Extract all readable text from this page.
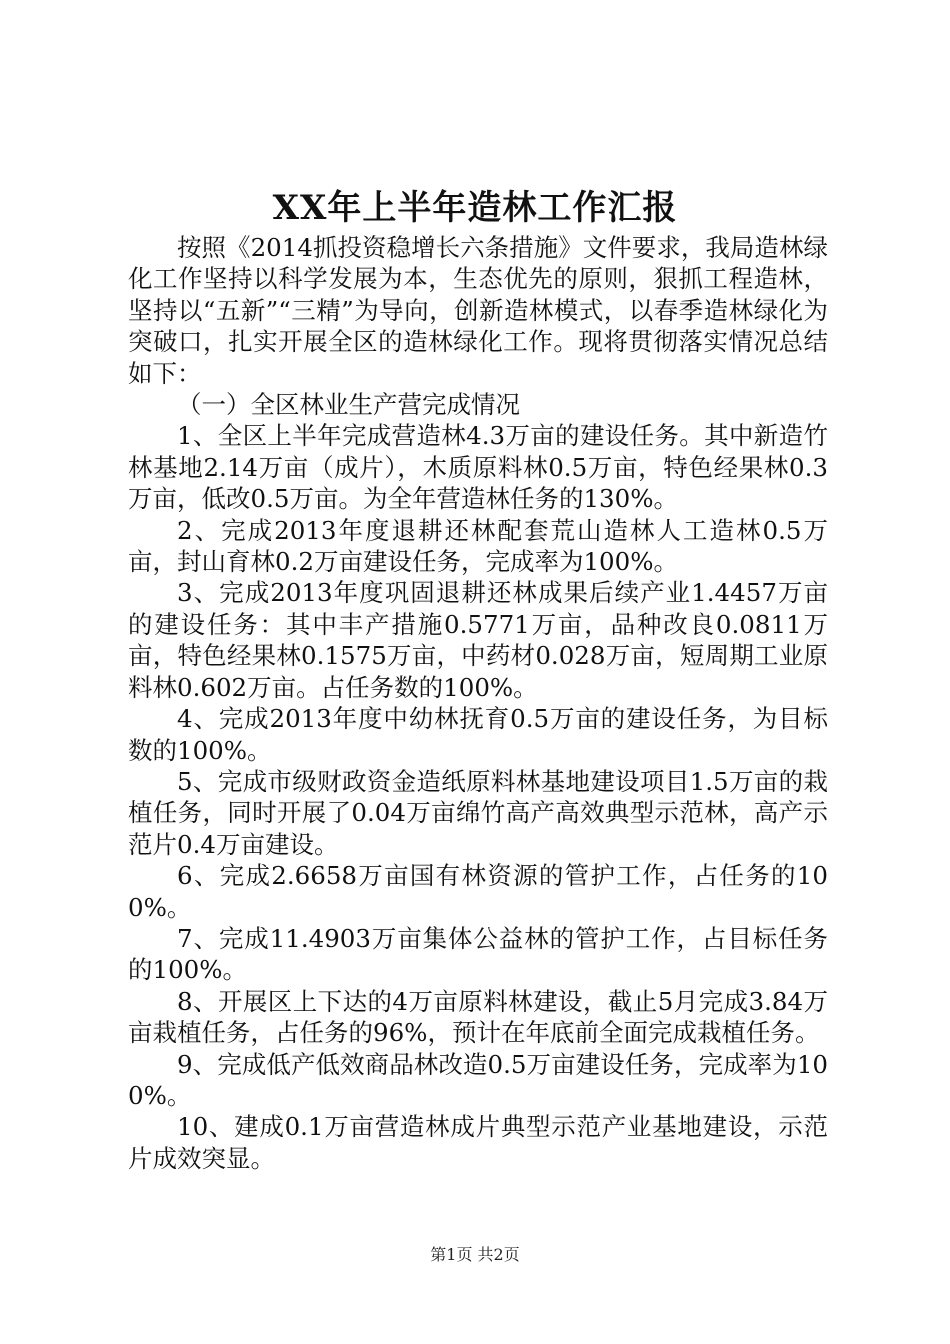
XX年上半年造林工作汇报

按照《2014抓投资稳增长六条措施》文件要求，我局造林绿化工作坚持以科学发展为本，生态优先的原则，狠抓工程造林，坚持以“五新”“三精”为导向，创新造林模式，以春季造林绿化为突破口，扎实开展全区的造林绿化工作。现将贯彻落实情况总结如下：

（一）全区林业生产营完成情况

1、全区上半年完成营造林4.3万亩的建设任务。其中新造竹林基地2.14万亩（成片），木质原料林0.5万亩，特色经果林0.3万亩，低改0.5万亩。为全年营造林任务的130%。

2、完成2013年度退耕还林配套荒山造林人工造林0.5万亩，封山育林0.2万亩建设任务，完成率为100%。

3、完成2013年度巩固退耕还林成果后续产业1.4457万亩的建设任务：其中丰产措施0.5771万亩，品种改良0.0811万亩，特色经果林0.1575万亩，中药材0.028万亩，短周期工业原料林0.602万亩。占任务数的100%。

4、完成2013年度中幼林抚育0.5万亩的建设任务，为目标数的100%。

5、完成市级财政资金造纸原料林基地建设项目1.5万亩的栽植任务，同时开展了0.04万亩绵竹高产高效典型示范林，高产示范片0.4万亩建设。

6、完成2.6658万亩国有林资源的管护工作，占任务的100%。

7、完成11.4903万亩集体公益林的管护工作，占目标任务的100%。

8、开展区上下达的4万亩原料林建设，截止5月完成3.84万亩栽植任务，占任务的96%，预计在年底前全面完成栽植任务。

9、完成低产低效商品林改造0.5万亩建设任务，完成率为100%。

10、建成0.1万亩营造林成片典型示范产业基地建设，示范片成效突显。

第1页 共2页
